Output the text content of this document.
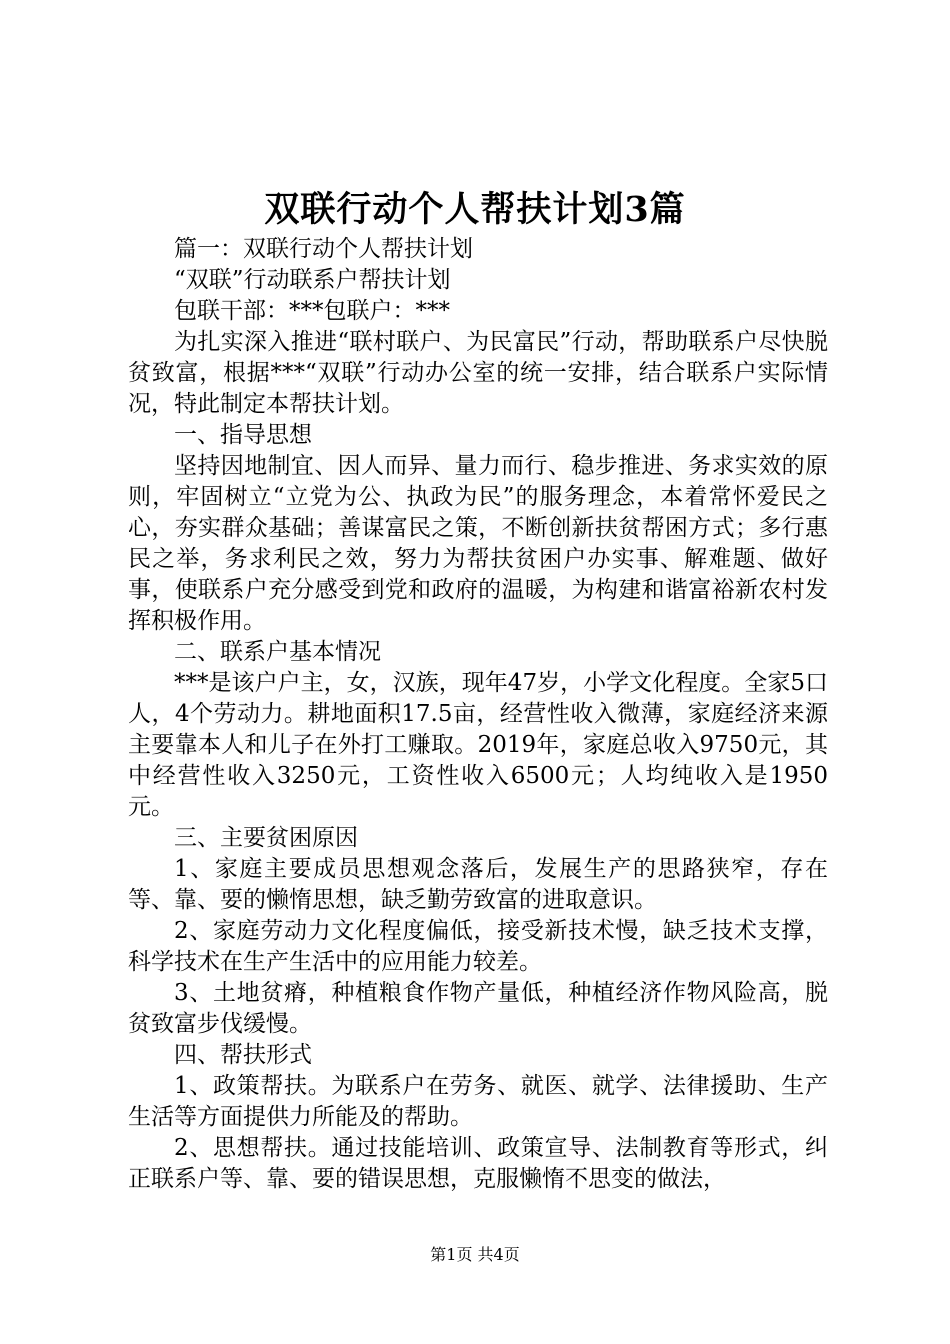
双联行动个人帮扶计划3篇

篇一：双联行动个人帮扶计划

“双联”行动联系户帮扶计划

包联干部：***包联户：***

为扎实深入推进“联村联户、为民富民”行动，帮助联系户尽快脱贫致富，根据***“双联”行动办公室的统一安排，结合联系户实际情况，特此制定本帮扶计划。

一、指导思想

坚持因地制宜、因人而异、量力而行、稳步推进、务求实效的原则，牢固树立“立党为公、执政为民”的服务理念，本着常怀爱民之心，夯实群众基础；善谋富民之策，不断创新扶贫帮困方式；多行惠民之举，务求利民之效，努力为帮扶贫困户办实事、解难题、做好事，使联系户充分感受到党和政府的温暖，为构建和谐富裕新农村发挥积极作用。

二、联系户基本情况

***是该户户主，女，汉族，现年47岁，小学文化程度。全家5口人，4个劳动力。耕地面积17.5亩，经营性收入微薄，家庭经济来源主要靠本人和儿子在外打工赚取。2019年，家庭总收入9750元，其中经营性收入3250元，工资性收入6500元；人均纯收入是1950元。

三、主要贫困原因

1、家庭主要成员思想观念落后，发展生产的思路狭窄，存在等、靠、要的懒惰思想，缺乏勤劳致富的进取意识。

2、家庭劳动力文化程度偏低，接受新技术慢，缺乏技术支撑，科学技术在生产生活中的应用能力较差。

3、土地贫瘠，种植粮食作物产量低，种植经济作物风险高，脱贫致富步伐缓慢。

四、帮扶形式

1、政策帮扶。为联系户在劳务、就医、就学、法律援助、生产生活等方面提供力所能及的帮助。

2、思想帮扶。通过技能培训、政策宣导、法制教育等形式，纠正联系户等、靠、要的错误思想，克服懒惰不思变的做法，

第1页 共4页
